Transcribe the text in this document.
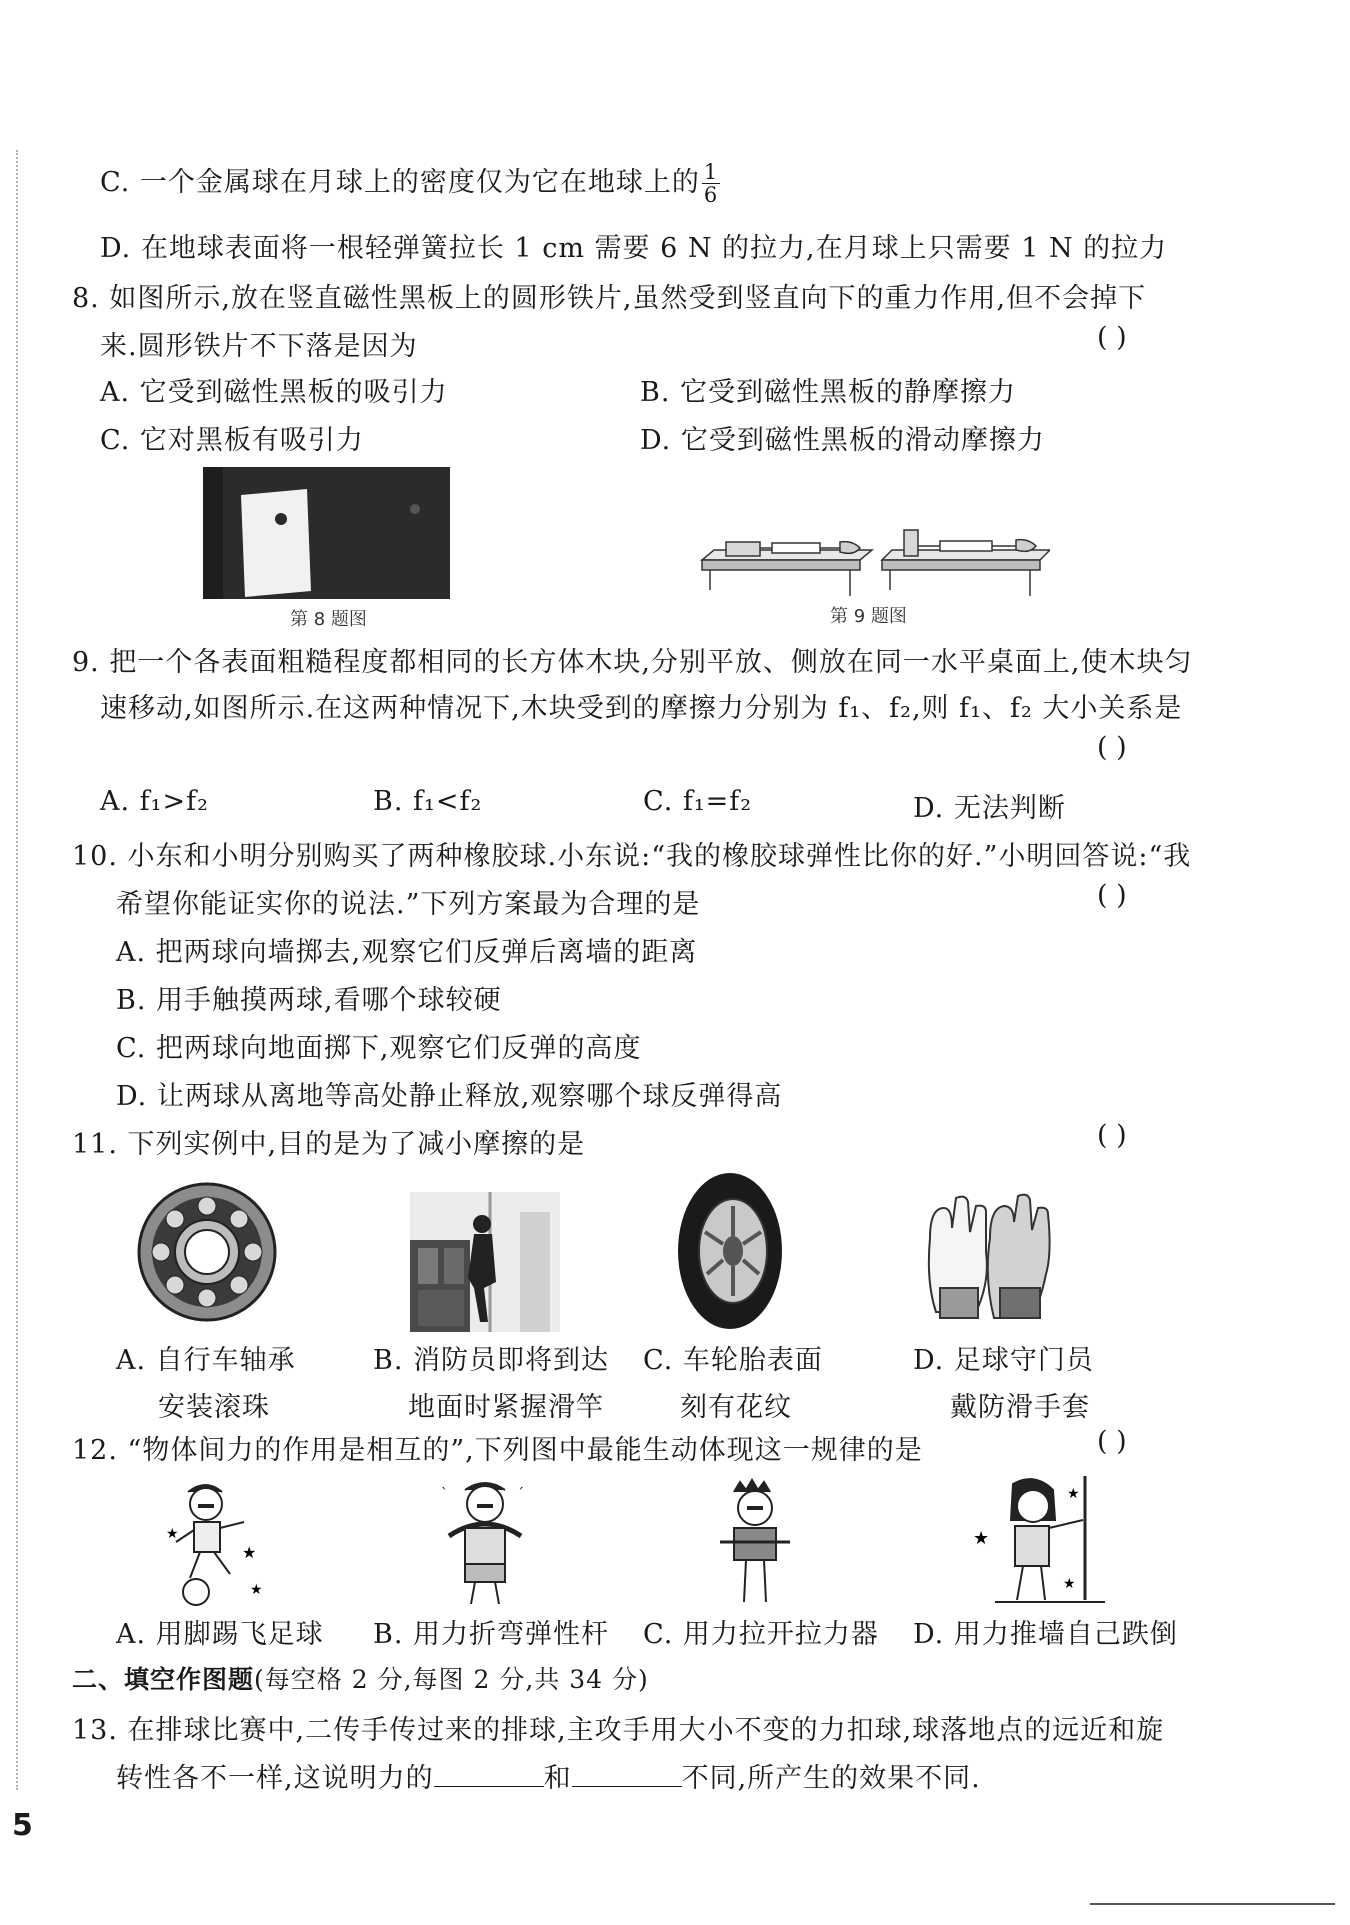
C. 一个金属球在月球上的密度仅为它在地球上的 $\frac{1}{6}$
D. 在地球表面将一根轻弹簧拉长 1 cm 需要 6 N 的拉力,在月球上只需要 1 N 的拉力
8. 如图所示,放在竖直磁性黑板上的圆形铁片,虽然受到竖直向下的重力作用,但不会掉下
来.圆形铁片不下落是因为	( )
A. 它受到磁性黑板的吸引力	B. 它受到磁性黑板的静摩擦力
C. 它对黑板有吸引力	D. 它受到磁性黑板的滑动摩擦力
第 8 题图	第 9 题图
9. 把一个各表面粗糙程度都相同的长方体木块,分别平放、侧放在同一水平桌面上,使木块匀
速移动,如图所示.在这两种情况下,木块受到的摩擦力分别为 f₁、f₂,则 f₁、f₂ 大小关系是
( )
A. f₁>f₂	B. f₁<f₂	C. f₁=f₂	D. 无法判断
10. 小东和小明分别购买了两种橡胶球.小东说:“我的橡胶球弹性比你的好.”小明回答说:“我
希望你能证实你的说法.”下列方案最为合理的是	( )
A. 把两球向墙掷去,观察它们反弹后离墙的距离
B. 用手触摸两球,看哪个球较硬
C. 把两球向地面掷下,观察它们反弹的高度
D. 让两球从离地等高处静止释放,观察哪个球反弹得高
11. 下列实例中,目的是为了减小摩擦的是	( )
A. 自行车轴承
安装滚珠
B. 消防员即将到达
地面时紧握滑竿
C. 车轮胎表面
刻有花纹
D. 足球守门员
戴防滑手套
12. “物体间力的作用是相互的”,下列图中最能生动体现这一规律的是	( )
★
★
★
ˋ	ˊ
★
★
★
A. 用脚踢飞足球 B. 用力折弯弹性杆 C. 用力拉开拉力器 D. 用力推墙自己跌倒
二、填空作图题(每空格 2 分,每图 2 分,共 34 分)
13. 在排球比赛中,二传手传过来的排球,主攻手用大小不变的力扣球,球落地点的远近和旋
转性各不一样,这说明力的	和	不同,所产生的效果不同.
5
